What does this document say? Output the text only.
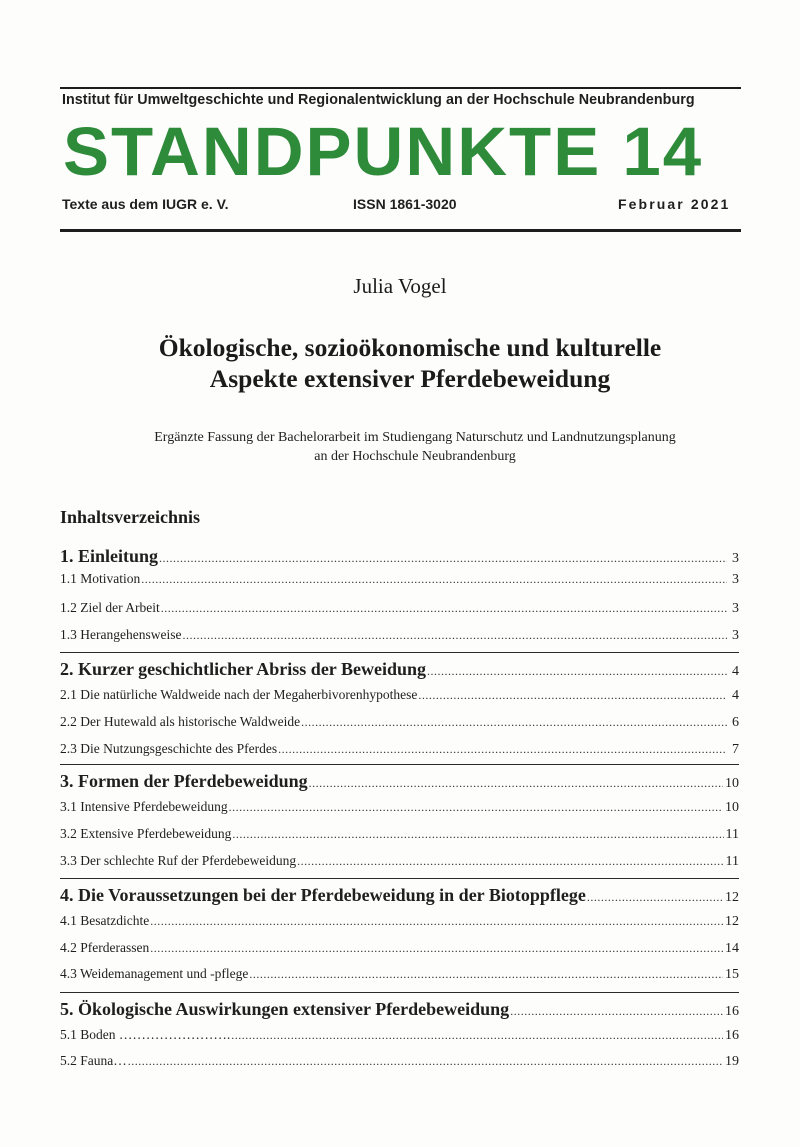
Institut für Umweltgeschichte und Regionalentwicklung an der Hochschule Neubrandenburg
STANDPUNKTE 14
Texte aus dem IUGR e. V.	ISSN 1861-3020	Februar 2021
Julia Vogel
Ökologische, sozioökonomische und kulturelle
Aspekte extensiver Pferdebeweidung
Ergänzte Fassung der Bachelorarbeit im Studiengang Naturschutz und Landnutzungsplanung
an der Hochschule Neubrandenburg
Inhaltsverzeichnis
1. Einleitung .....	3
1.1 Motivation .....	3
1.2 Ziel der Arbeit .....	3
1.3 Herangehensweise .....	3
2. Kurzer geschichtlicher Abriss der Beweidung .....	4
2.1 Die natürliche Waldweide nach der Megaherbivorenhypothese .....	4
2.2 Der Hutewald als historische Waldweide .....	6
2.3 Die Nutzungsgeschichte des Pferdes .....	7
3. Formen der Pferdebeweidung .....	10
3.1 Intensive Pferdebeweidung .....	10
3.2 Extensive Pferdebeweidung .....	11
3.3 Der schlechte Ruf der Pferdebeweidung .....	11
4. Die Voraussetzungen bei der Pferdebeweidung in der Biotoppflege .....	12
4.1 Besatzdichte .....	12
4.2 Pferderassen .....	14
4.3 Weidemanagement und -pflege .....	15
5. Ökologische Auswirkungen extensiver Pferdebeweidung .....	16
5.1 Boden ……………………. .....	16
5.2 Fauna… .....	19
